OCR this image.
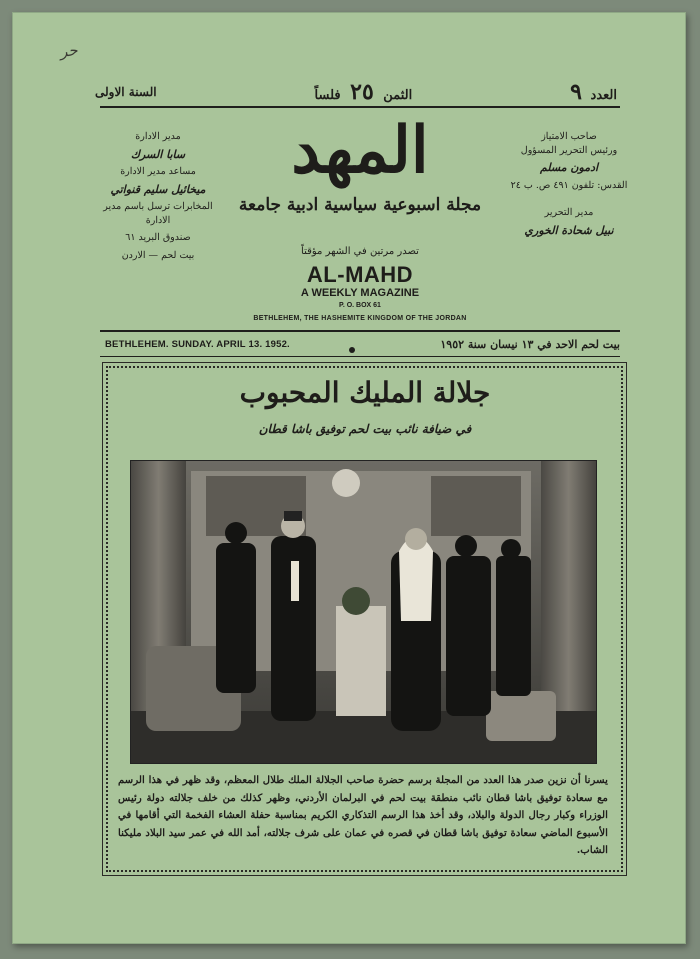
حر
العدد ٩
الثمن ٢٥ فلساً
السنة الاولى
المهد
مجلة اسبوعية سياسية ادبية جامعة
تصدر مرتين في الشهر مؤقتاً
AL-MAHD
A WEEKLY MAGAZINE
P. O. BOX 61
BETHLEHEM, THE HASHEMITE KINGDOM OF THE JORDAN

مدير الادارة

سابا السرك

مساعد مدير الادارة

ميخائيل سليم قنواتي

المخابرات ترسل باسم مدير الادارة

صندوق البريد ٦١

بيت لحم — الاردن

صاحب الامتياز

ورئيس التحرير المسؤول

ادمون مسلم

القدس: تلفون ٤٩١ ص. ب ٢٤

مدير التحرير

نبيل شحادة الخوري

BETHLEHEM. SUNDAY. APRIL 13. 1952.	بيت لحم الاحد في ١٣ نيسان سنة ١٩٥٢
جلالة المليك المحبوب
في ضيافة نائب بيت لحم توفيق باشا قطان
يسرنا أن نزين صدر هذا العدد من المجلة برسم حضرة صاحب الجلالة الملك طلال المعظم، وقد ظهر في هذا الرسم مع سعادة توفيق باشا قطان نائب منطقة بيت لحم في البرلمان الأردني، وظهر كذلك من خلف جلالته دولة رئيس الوزراء وكبار رجال الدولة والبلاد، وقد أخذ هذا الرسم التذكاري الكريم بمناسبة حفلة العشاء الفخمة التي أقامها في الأسبوع الماضي سعادة توفيق باشا قطان في قصره في عمان على شرف جلالته، أمد الله في عمر سيد البلاد مليكنا الشاب.
